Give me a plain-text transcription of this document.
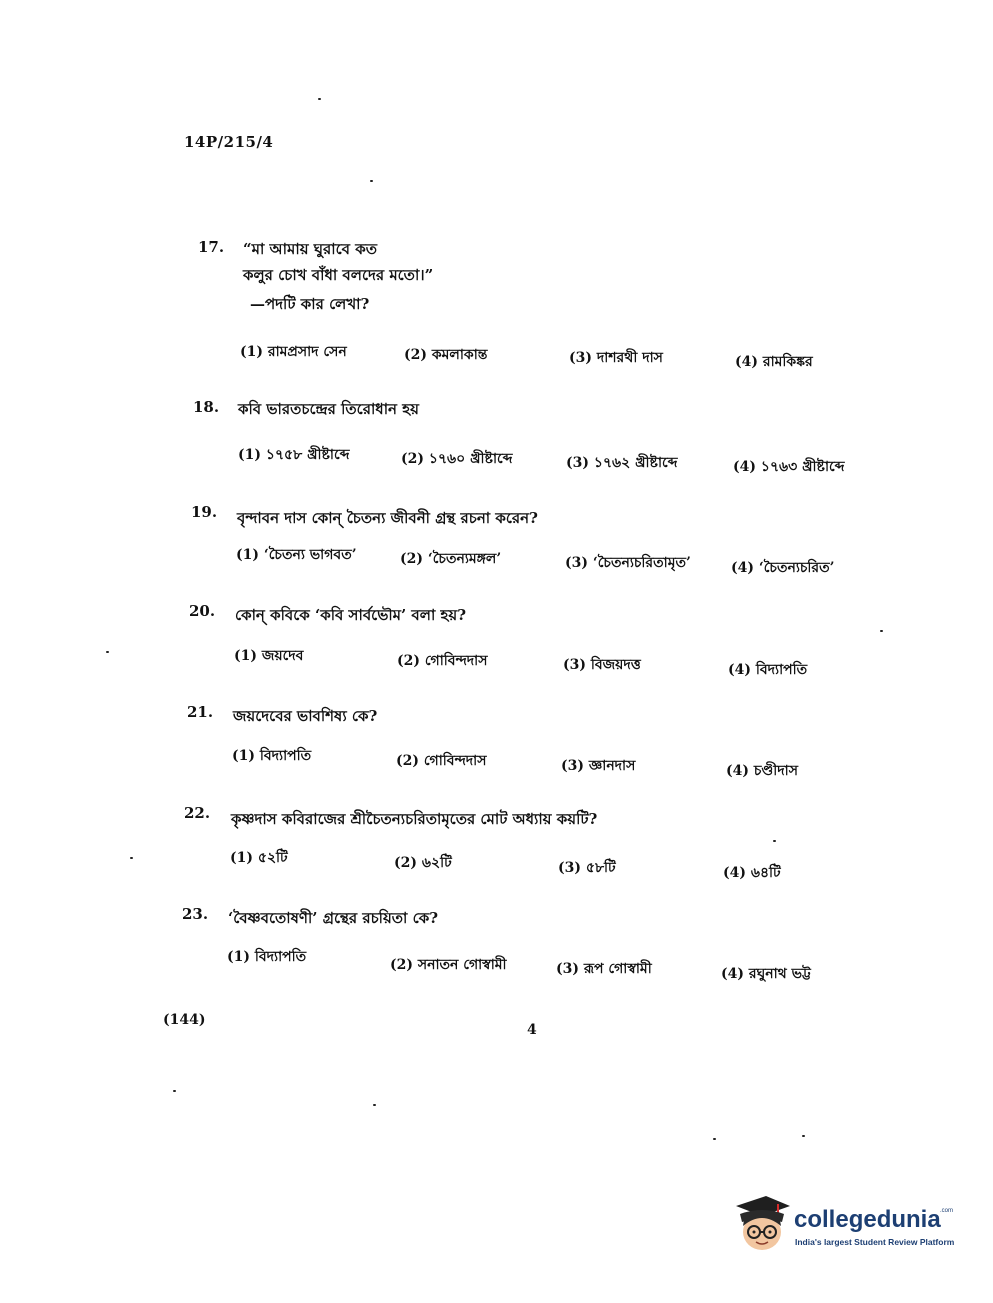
14P/215/4
17. “মা আমায় ঘুরাবে কত
কলুর চোখ বাঁধা বলদের মতো।”
—পদটি কার লেখা?
(1) রামপ্রসাদ সেন	(2) কমলাকান্ত	(3) দাশরথী দাস	(4) রামকিঙ্কর
18. কবি ভারতচন্দ্রের তিরোধান হয়
(1) ১৭৫৮ খ্রীষ্টাব্দে	(2) ১৭৬০ খ্রীষ্টাব্দে	(3) ১৭৬২ খ্রীষ্টাব্দে	(4) ১৭৬৩ খ্রীষ্টাব্দে
19. বৃন্দাবন দাস কোন্ চৈতন্য জীবনী গ্রন্থ রচনা করেন?
(1) ‘চৈতন্য ভাগবত’	(2) ‘চৈতন্যমঙ্গল’	(3) ‘চৈতন্যচরিতামৃত’	(4) ‘চৈতন্যচরিত’
20. কোন্ কবিকে ‘কবি সার্বভৌম’ বলা হয়?
(1) জয়দেব	(2) গোবিন্দদাস	(3) বিজয়দত্ত	(4) বিদ্যাপতি
21. জয়দেবের ভাবশিষ্য কে?
(1) বিদ্যাপতি	(2) গোবিন্দদাস	(3) জ্ঞানদাস	(4) চণ্ডীদাস
22. কৃষ্ণদাস কবিরাজের শ্রীচৈতন্যচরিতামৃতের মোট অধ্যায় কয়টি?
(1) ৫২টি	(2) ৬২টি	(3) ৫৮টি	(4) ৬৪টি
23. ‘বৈষ্ণবতোষণী’ গ্রন্থের রচয়িতা কে?
(1) বিদ্যাপতি	(2) সনাতন গোস্বামী	(3) রূপ গোস্বামী	(4) রঘুনাথ ভট্ট
(144)
4
collegedunia .com
India's largest Student Review Platform
